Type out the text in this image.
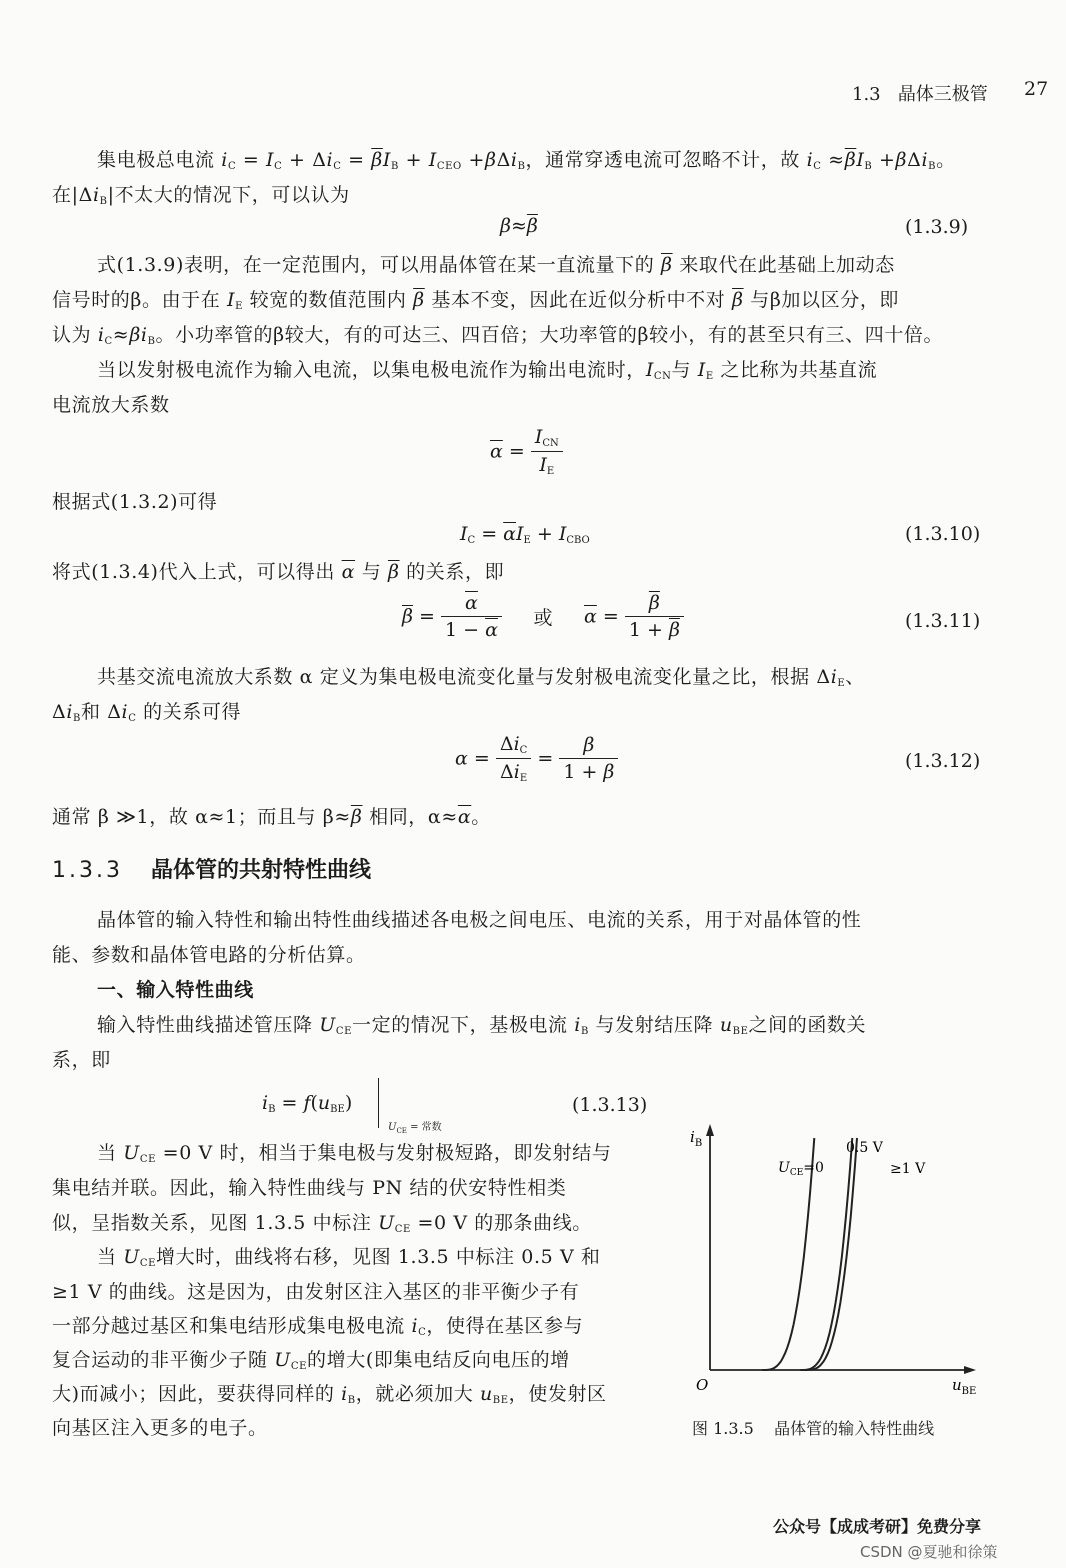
1.3 晶体三极管 27
集电极总电流 $i_C = I_C + \Delta i_C = \overline{\beta}I_B + I_{CEO} +\beta\Delta i_B$，通常穿透电流可忽略不计，故 $i_C \approx\overline{\beta}I_B +\beta\Delta i_B$。
在$|\Delta i_B|$不太大的情况下，可以认为
$\beta\approx\overline{\beta}$	(1.3.9)
式(1.3.9)表明，在一定范围内，可以用晶体管在某一直流量下的 $\overline{\beta}$ 来取代在此基础上加动态
信号时的β。由于在 $I_E$ 较宽的数值范围内 $\overline{\beta}$ 基本不变，因此在近似分析中不对 $\overline{\beta}$ 与β加以区分，即
认为 $i_C\approx\beta i_B$。小功率管的β较大，有的可达三、四百倍；大功率管的β较小，有的甚至只有三、四十倍。
当以发射极电流作为输入电流，以集电极电流作为输出电流时，$I_{CN}$与 $I_E$ 之比称为共基直流
电流放大系数
$\overline{\alpha} = \frac{I_{CN}}{I_E}$
根据式(1.3.2)可得
$I_C = \overline{\alpha}I_E + I_{CBO}$	(1.3.10)
将式(1.3.4)代入上式，可以得出 $\overline{\alpha}$ 与 $\overline{\beta}$ 的关系，即
$\overline{\beta} = \frac{\overline{\alpha}}{1 - \overline{\alpha}}$ 或 $\overline{\alpha} = \frac{\overline{\beta}}{1 + \overline{\beta}}$	(1.3.11)
共基交流电流放大系数 α 定义为集电极电流变化量与发射极电流变化量之比，根据 $\Delta i_E$、
$\Delta i_B$和 $\Delta i_C$ 的关系可得
$\alpha = \frac{\Delta i_C}{\Delta i_E} = \frac{\beta}{1 + \beta}$	(1.3.12)
通常 β ≫1，故 α≈1；而且与 $\beta\approx\overline{\beta}$ 相同，$\alpha\approx\overline{\alpha}$。
1.3.3 晶体管的共射特性曲线
晶体管的输入特性和输出特性曲线描述各电极之间电压、电流的关系，用于对晶体管的性
能、参数和晶体管电路的分析估算。
一、输入特性曲线
输入特性曲线描述管压降 $U_{CE}$一定的情况下，基极电流 $i_B$ 与发射结压降 $u_{BE}$之间的函数关
系，即
$i_B = f(u_{BE})$
$U_{CE}$ = 常数
(1.3.13)
当 $U_{CE} =0$ V 时，相当于集电极与发射极短路，即发射结与
集电结并联。因此，输入特性曲线与 PN 结的伏安特性相类
似，呈指数关系，见图 1.3.5 中标注 $U_{CE} =0$ V 的那条曲线。
当 $U_{CE}$增大时，曲线将右移，见图 1.3.5 中标注 0.5 V 和
≥1 V 的曲线。这是因为，由发射区注入基区的非平衡少子有
一部分越过基区和集电结形成集电极电流 $i_C$，使得在基区参与
复合运动的非平衡少子随 $U_{CE}$的增大(即集电结反向电压的增
大)而减小；因此，要获得同样的 $i_B$，就必须加大 $u_{BE}$，使发射区
向基区注入更多的电子。
$i_B$
$u_{BE}$
O
$U_{CE}=0$
0.5 V
≥1 V
图 1.3.5 晶体管的输入特性曲线
公众号【成成考研】免费分享
CSDN @夏驰和徐策
